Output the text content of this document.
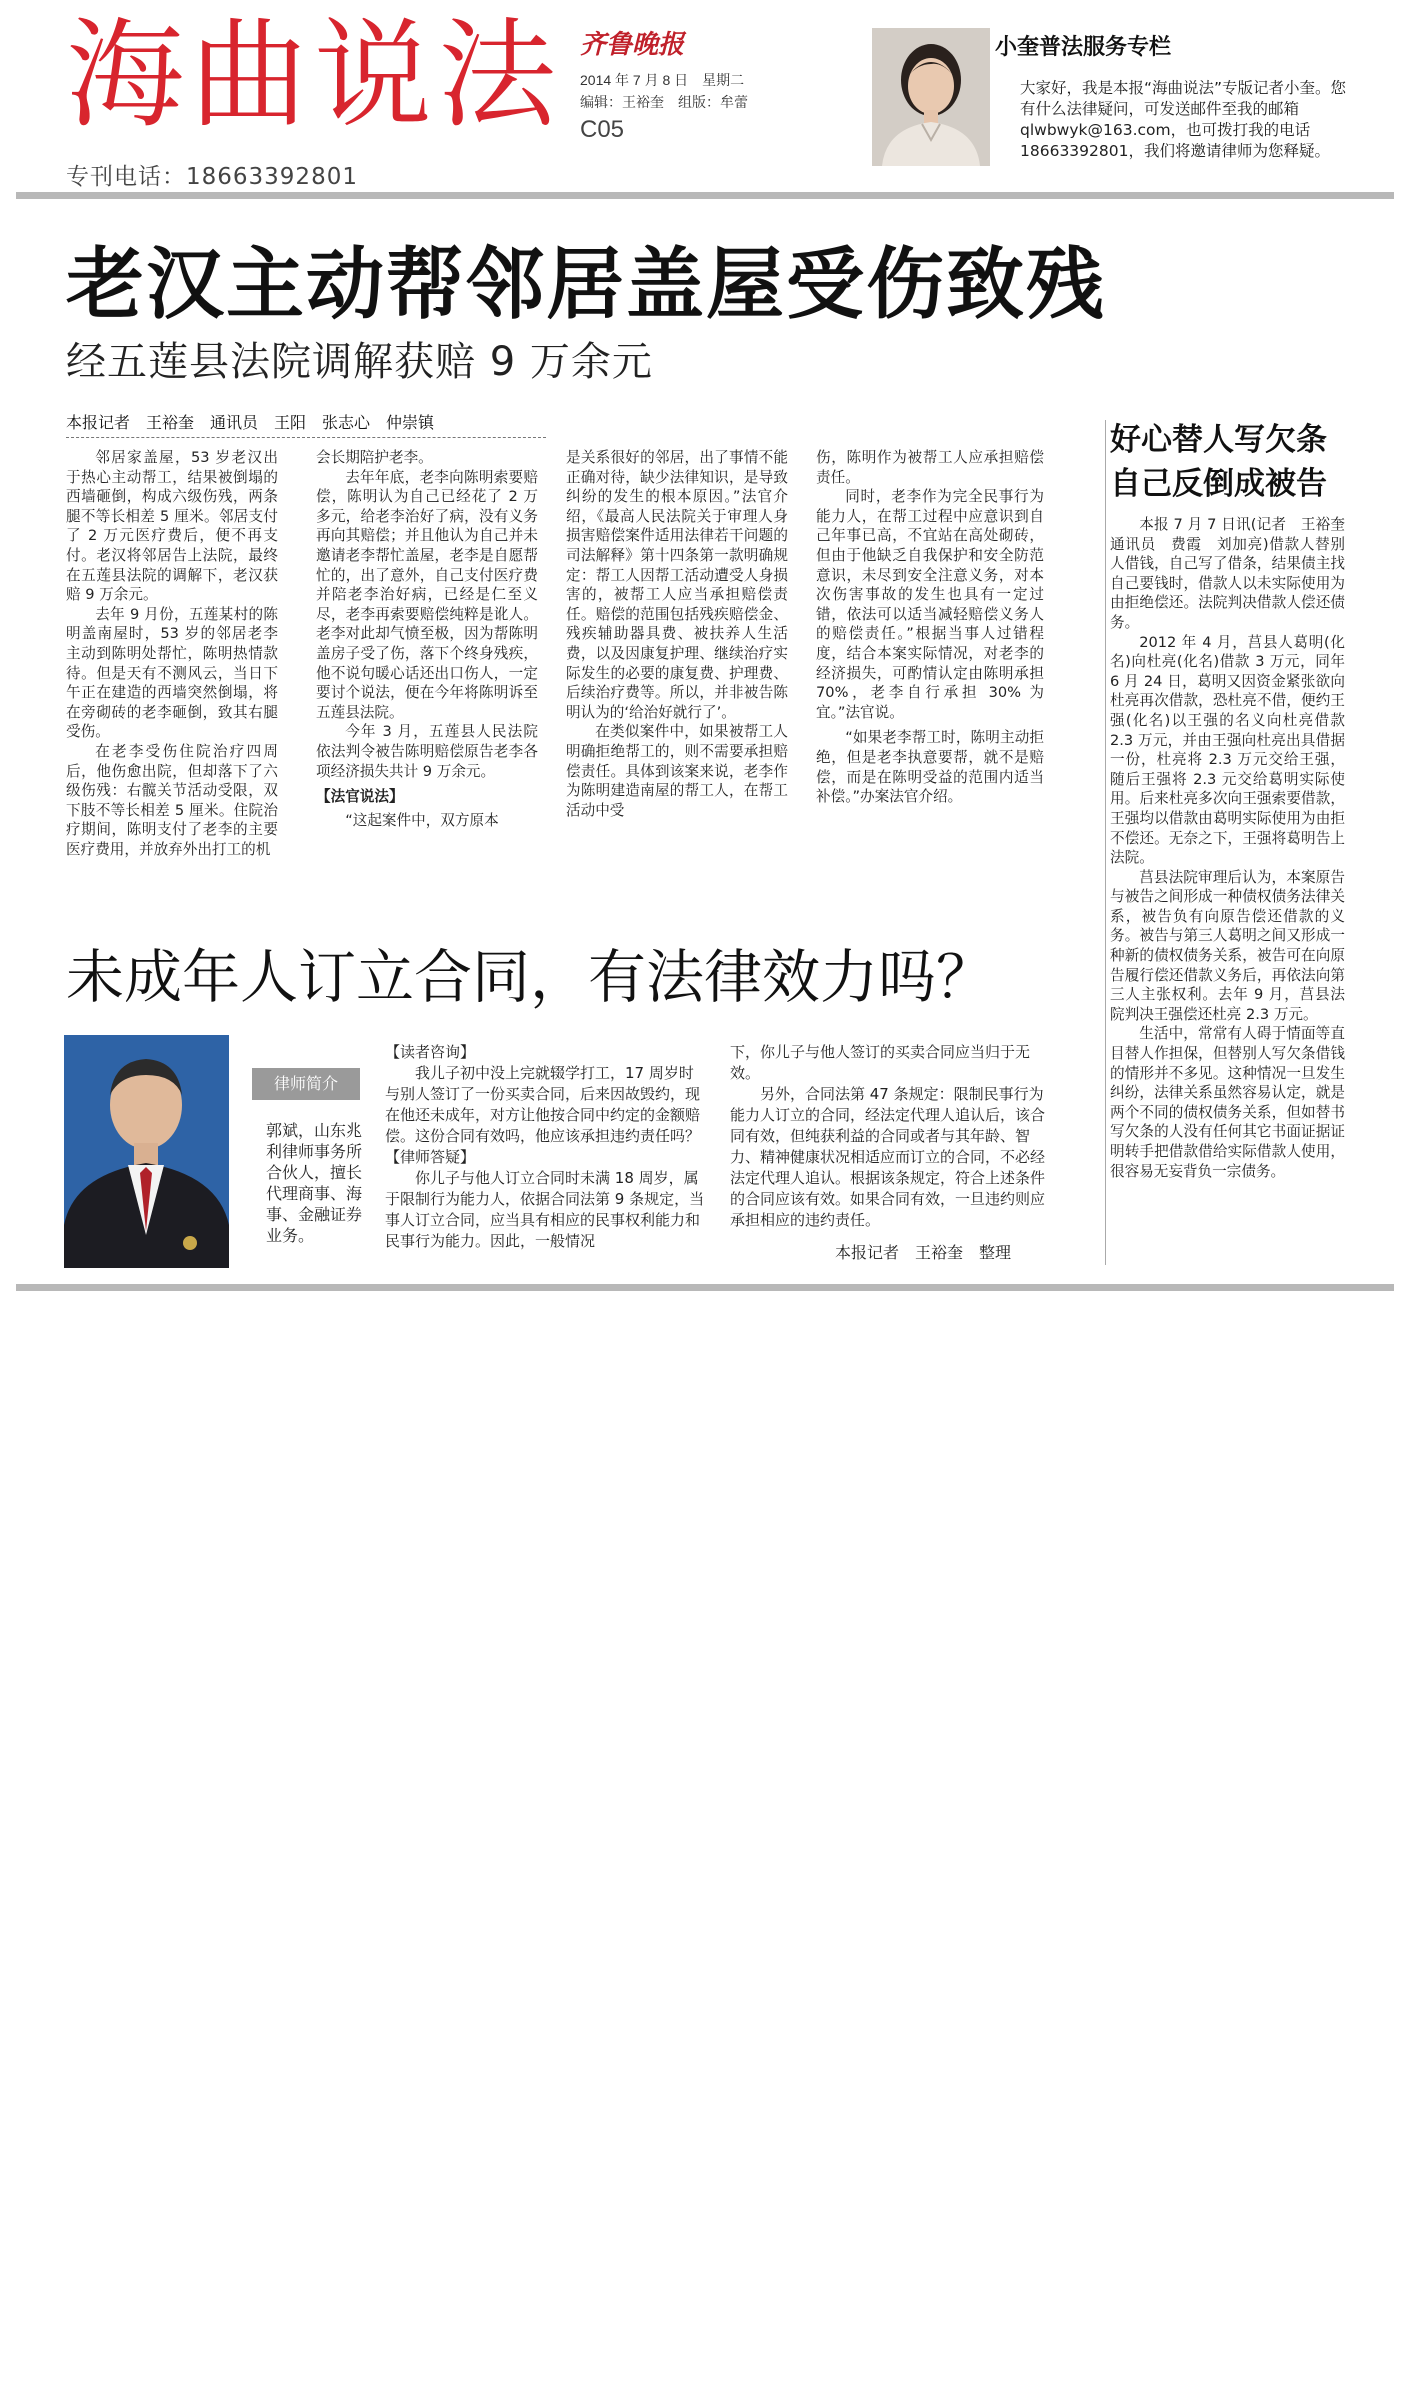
海曲说法 齐鲁晚报
2014 年 7 月 8 日　星期二
编辑：王裕奎　组版：牟蕾
C05
专刊电话：18663392801
小奎普法服务专栏
大家好，我是本报“海曲说法”专版记者小奎。您有什么法律疑问，可发送邮件至我的邮箱 qlwbwyk@163.com，也可拨打我的电话 18663392801，我们将邀请律师为您释疑。
老汉主动帮邻居盖屋受伤致残
经五莲县法院调解获赔 9 万余元
本报记者　王裕奎　通讯员　王阳　张志心　仲崇镇

邻居家盖屋，53 岁老汉出于热心主动帮工，结果被倒塌的西墙砸倒，构成六级伤残，两条腿不等长相差 5 厘米。邻居支付了 2 万元医疗费后，便不再支付。老汉将邻居告上法院，最终在五莲县法院的调解下，老汉获赔 9 万余元。

去年 9 月份，五莲某村的陈明盖南屋时，53 岁的邻居老李主动到陈明处帮忙，陈明热情款待。但是天有不测风云，当日下午正在建造的西墙突然倒塌，将在旁砌砖的老李砸倒，致其右腿受伤。

在老李受伤住院治疗四周后，他伤愈出院，但却落下了六级伤残：右髋关节活动受限，双下肢不等长相差 5 厘米。住院治疗期间，陈明支付了老李的主要医疗费用，并放弃外出打工的机

会长期陪护老李。

去年年底，老李向陈明索要赔偿，陈明认为自己已经花了 2 万多元，给老李治好了病，没有义务再向其赔偿；并且他认为自己并未邀请老李帮忙盖屋，老李是自愿帮忙的，出了意外，自己支付医疗费并陪老李治好病，已经是仁至义尽，老李再索要赔偿纯粹是讹人。老李对此却气愤至极，因为帮陈明盖房子受了伤，落下个终身残疾，他不说句暖心话还出口伤人，一定要讨个说法，便在今年将陈明诉至五莲县法院。

今年 3 月，五莲县人民法院依法判令被告陈明赔偿原告老李各项经济损失共计 9 万余元。

【法官说法】

“这起案件中，双方原本

是关系很好的邻居，出了事情不能正确对待，缺少法律知识，是导致纠纷的发生的根本原因。”法官介绍，《最高人民法院关于审理人身损害赔偿案件适用法律若干问题的司法解释》第十四条第一款明确规定：帮工人因帮工活动遭受人身损害的，被帮工人应当承担赔偿责任。赔偿的范围包括残疾赔偿金、残疾辅助器具费、被扶养人生活费，以及因康复护理、继续治疗实际发生的必要的康复费、护理费、后续治疗费等。所以，并非被告陈明认为的‘给治好就行了’。

在类似案件中，如果被帮工人明确拒绝帮工的，则不需要承担赔偿责任。具体到该案来说，老李作为陈明建造南屋的帮工人，在帮工活动中受

伤，陈明作为被帮工人应承担赔偿责任。

同时，老李作为完全民事行为能力人，在帮工过程中应意识到自己年事已高，不宜站在高处砌砖，但由于他缺乏自我保护和安全防范意识，未尽到安全注意义务，对本次伤害事故的发生也具有一定过错，依法可以适当减轻赔偿义务人的赔偿责任。”根据当事人过错程度，结合本案实际情况，对老李的经济损失，可酌情认定由陈明承担 70%，老李自行承担 30% 为宜。”法官说。

“如果老李帮工时，陈明主动拒绝，但是老李执意要帮，就不是赔偿，而是在陈明受益的范围内适当补偿。”办案法官介绍。

好心替人写欠条
自己反倒成被告

本报 7 月 7 日讯(记者　王裕奎　通讯员　费霞　刘加亮)借款人替别人借钱，自己写了借条，结果债主找自己要钱时，借款人以未实际使用为由拒绝偿还。法院判决借款人偿还债务。

2012 年 4 月，莒县人葛明(化名)向杜亮(化名)借款 3 万元，同年 6 月 24 日，葛明又因资金紧张欲向杜亮再次借款，恐杜亮不借，便约王强(化名)以王强的名义向杜亮借款 2.3 万元，并由王强向杜亮出具借据一份，杜亮将 2.3 万元交给王强，随后王强将 2.3 元交给葛明实际使用。后来杜亮多次向王强索要借款，王强均以借款由葛明实际使用为由拒不偿还。无奈之下，王强将葛明告上法院。

莒县法院审理后认为，本案原告与被告之间形成一种债权债务法律关系，被告负有向原告偿还借款的义务。被告与第三人葛明之间又形成一种新的债权债务关系，被告可在向原告履行偿还借款义务后，再依法向第三人主张权利。去年 9 月，莒县法院判决王强偿还杜亮 2.3 万元。

生活中，常常有人碍于情面等直目替人作担保，但替别人写欠条借钱的情形并不多见。这种情况一旦发生纠纷，法律关系虽然容易认定，就是两个不同的债权债务关系，但如替书写欠条的人没有任何其它书面证据证明转手把借款借给实际借款人使用，很容易无妄背负一宗债务。

未成年人订立合同，有法律效力吗？
律师简介
郭斌，山东兆利律师事务所合伙人，擅长代理商事、海事、金融证券业务。

【读者咨询】

我儿子初中没上完就辍学打工，17 周岁时与别人签订了一份买卖合同，后来因故毁约，现在他还未成年，对方让他按合同中约定的金额赔偿。这份合同有效吗，他应该承担违约责任吗？

【律师答疑】

你儿子与他人订立合同时未满 18 周岁，属于限制行为能力人，依据合同法第 9 条规定，当事人订立合同，应当具有相应的民事权利能力和民事行为能力。因此，一般情况

下，你儿子与他人签订的买卖合同应当归于无效。

另外，合同法第 47 条规定：限制民事行为能力人订立的合同，经法定代理人追认后，该合同有效，但纯获利益的合同或者与其年龄、智力、精神健康状况相适应而订立的合同，不必经法定代理人追认。根据该条规定，符合上述条件的合同应该有效。如果合同有效，一旦违约则应承担相应的违约责任。

本报记者　王裕奎　整理
